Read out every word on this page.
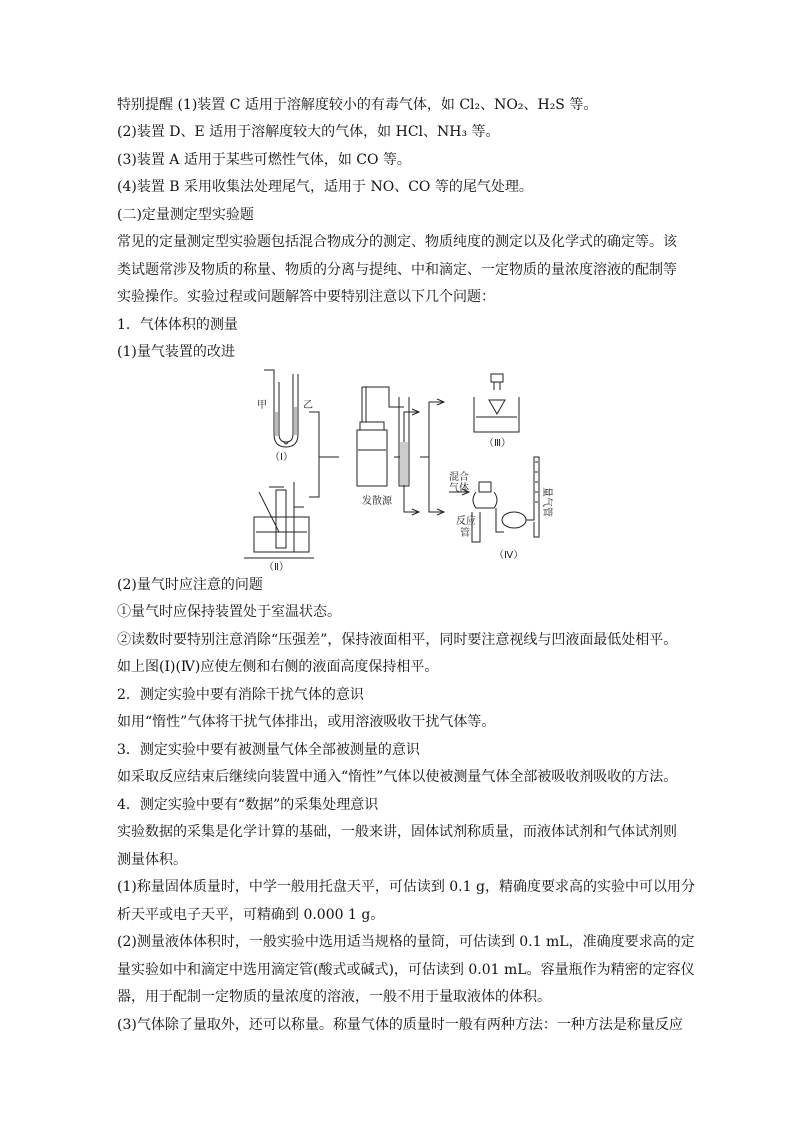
特别提醒 (1)装置 C 适用于溶解度较小的有毒气体，如 Cl₂、NO₂、H₂S 等。
(2)装置 D、E 适用于溶解度较大的气体，如 HCl、NH₃ 等。
(3)装置 A 适用于某些可燃性气体，如 CO 等。
(4)装置 B 采用收集法处理尾气，适用于 NO、CO 等的尾气处理。
(二)定量测定型实验题
常见的定量测定型实验题包括混合物成分的测定、物质纯度的测定以及化学式的确定等。该
类试题常涉及物质的称量、物质的分离与提纯、中和滴定、一定物质的量浓度溶液的配制等
实验操作。实验过程或问题解答中要特别注意以下几个问题：
1．气体体积的测量
(1)量气装置的改进
甲	乙
（Ⅰ）
（Ⅱ）
（Ⅲ）
（Ⅳ）
发散源
混合
气体
反应
管
量气管
(2)量气时应注意的问题
①量气时应保持装置处于室温状态。
②读数时要特别注意消除“压强差”，保持液面相平，同时要注意视线与凹液面最低处相平。
如上图(Ⅰ)(Ⅳ)应使左侧和右侧的液面高度保持相平。
2．测定实验中要有消除干扰气体的意识
如用“惰性”气体将干扰气体排出，或用溶液吸收干扰气体等。
3．测定实验中要有被测量气体全部被测量的意识
如采取反应结束后继续向装置中通入“惰性”气体以使被测量气体全部被吸收剂吸收的方法。
4．测定实验中要有“数据”的采集处理意识
实验数据的采集是化学计算的基础，一般来讲，固体试剂称质量，而液体试剂和气体试剂则
测量体积。
(1)称量固体质量时，中学一般用托盘天平，可估读到 0.1 g，精确度要求高的实验中可以用分
析天平或电子天平，可精确到 0.000 1 g。
(2)测量液体体积时，一般实验中选用适当规格的量筒，可估读到 0.1 mL，准确度要求高的定
量实验如中和滴定中选用滴定管(酸式或碱式)，可估读到 0.01 mL。容量瓶作为精密的定容仪
器，用于配制一定物质的量浓度的溶液，一般不用于量取液体的体积。
(3)气体除了量取外，还可以称量。称量气体的质量时一般有两种方法：一种方法是称量反应
